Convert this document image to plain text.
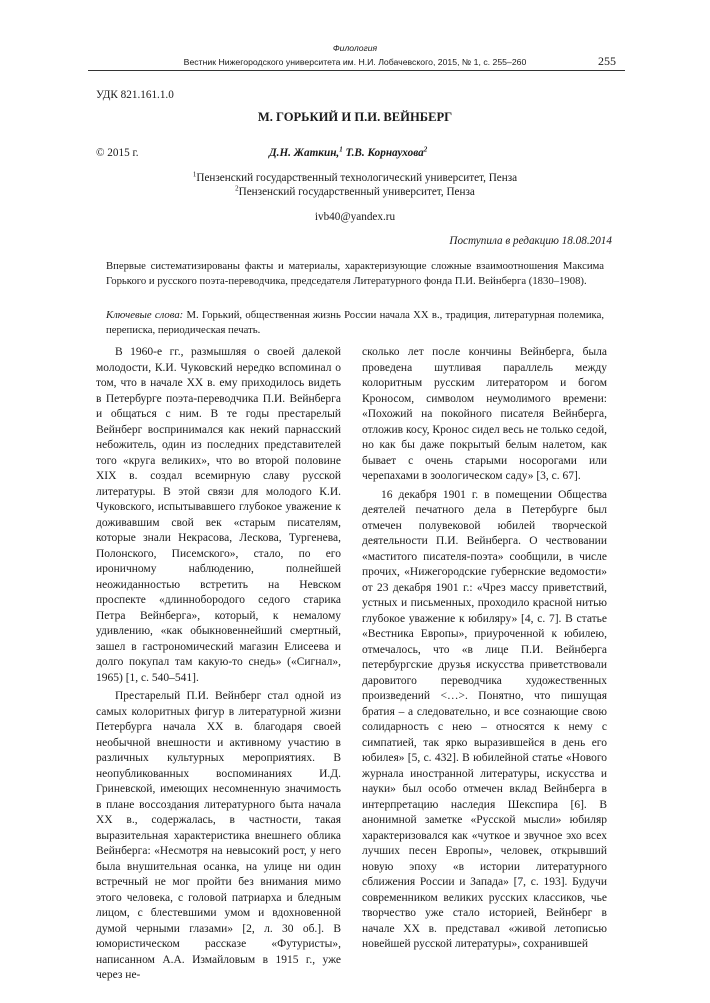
Филология
Вестник Нижегородского университета им. Н.И. Лобачевского, 2015, № 1, с. 255–260	255
УДК 821.161.1.0
М. ГОРЬКИЙ И П.И. ВЕЙНБЕРГ
© 2015 г.	Д.Н. Жаткин,$^1$ Т.В. Корнаухова$^2$
$^1$Пензенский государственный технологический университет, Пенза
$^2$Пензенский государственный университет, Пенза
ivb40@yandex.ru
Поступила в редакцию 18.08.2014
Впервые систематизированы факты и материалы, характеризующие сложные взаимоотношения Максима Горького и русского поэта-переводчика, председателя Литературного фонда П.И. Вейнберга (1830–1908).
Ключевые слова: М. Горький, общественная жизнь России начала XX в., традиция, литературная полемика, переписка, периодическая печать.

В 1960-е гг., размышляя о своей далекой молодости, К.И. Чуковский нередко вспоминал о том, что в начале XX в. ему приходилось видеть в Петербурге поэта-переводчика П.И. Вейнберга и общаться с ним. В те годы престарелый Вейнберг воспринимался как некий парнасский небожитель, один из последних представителей того «круга великих», что во второй половине XIX в. создал всемирную славу русской литературы. В этой связи для молодого К.И. Чуковского, испытывавшего глубокое уважение к доживавшим свой век «старым писателям, которые знали Некрасова, Лескова, Тургенева, Полонского, Писемского», стало, по его ироничному наблюдению, полнейшей неожиданностью встретить на Невском проспекте «длиннобородого седого старика Петра Вейнберга», который, к немалому удивлению, «как обыкновеннейший смертный, зашел в гастрономический магазин Елисеева и долго покупал там какую-то снедь» («Сигнал», 1965) [1, с. 540–541].

Престарелый П.И. Вейнберг стал одной из самых колоритных фигур в литературной жизни Петербурга начала XX в. благодаря своей необычной внешности и активному участию в различных культурных мероприятиях. В неопубликованных воспоминаниях И.Д. Гриневской, имеющих несомненную значимость в плане воссоздания литературного быта начала XX в., содержалась, в частности, такая выразительная характеристика внешнего облика Вейнберга: «Несмотря на невысокий рост, у него была внушительная осанка, на улице ни один встречный не мог пройти без внимания мимо этого человека, с головой патриарха и бледным лицом, с блестевшими умом и вдохновенной думой черными глазами» [2, л. 30 об.]. В юмористическом рассказе «Футуристы», написанном А.А. Измайловым в 1915 г., уже через не-

сколько лет после кончины Вейнберга, была проведена шутливая параллель между колоритным русским литератором и богом Кроносом, символом неумолимого времени: «Похожий на покойного писателя Вейнберга, отложив косу, Кронос сидел весь не только седой, но как бы даже покрытый белым налетом, как бывает с очень старыми носорогами или черепахами в зоологическом саду» [3, с. 67].

16 декабря 1901 г. в помещении Общества деятелей печатного дела в Петербурге был отмечен полувековой юбилей творческой деятельности П.И. Вейнберга. О чествовании «маститого писателя-поэта» сообщили, в числе прочих, «Нижегородские губернские ведомости» от 23 декабря 1901 г.: «Чрез массу приветствий, устных и письменных, проходило красной нитью глубокое уважение к юбиляру» [4, с. 7]. В статье «Вестника Европы», приуроченной к юбилею, отмечалось, что «в лице П.И. Вейнберга петербургские друзья искусства приветствовали даровитого переводчика художественных произведений <…>. Понятно, что пишущая братия – а следовательно, и все сознающие свою солидарность с нею – относятся к нему с симпатией, так ярко выразившейся в день его юбилея» [5, с. 432]. В юбилейной статье «Нового журнала иностранной литературы, искусства и науки» был особо отмечен вклад Вейнберга в интерпретацию наследия Шекспира [6]. В анонимной заметке «Русской мысли» юбиляр характеризовался как «чуткое и звучное эхо всех лучших песен Европы», человек, открывший новую эпоху «в истории литературного сближения России и Запада» [7, с. 193]. Будучи современником великих русских классиков, чье творчество уже стало историей, Вейнберг в начале XX в. представал «живой летописью новейшей русской литературы», сохранившей
